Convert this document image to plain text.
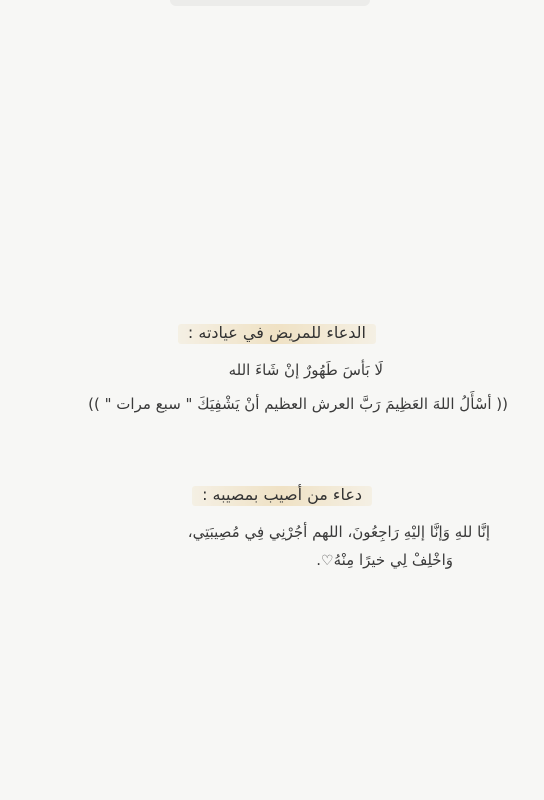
الدعاء للمريض في عيادته :
لَا بَأسَ طَهُورٌ إنْ شَاءَ الله
(( أسْأَلُ اللهَ العَظِيمَ رَبَّ العرش العظيم أنْ يَشْفِيَكَ " سبع مرات " ))
دعاء من أصيب بمصيبه :
إنَّا للهِ وَإنَّا إليْهِ رَاجِعُونَ، اللهم أجُرْنِي فِي مُصِيبَتِي،
وَاخْلِفْ لِي خيرًا مِنْهُ♡.
